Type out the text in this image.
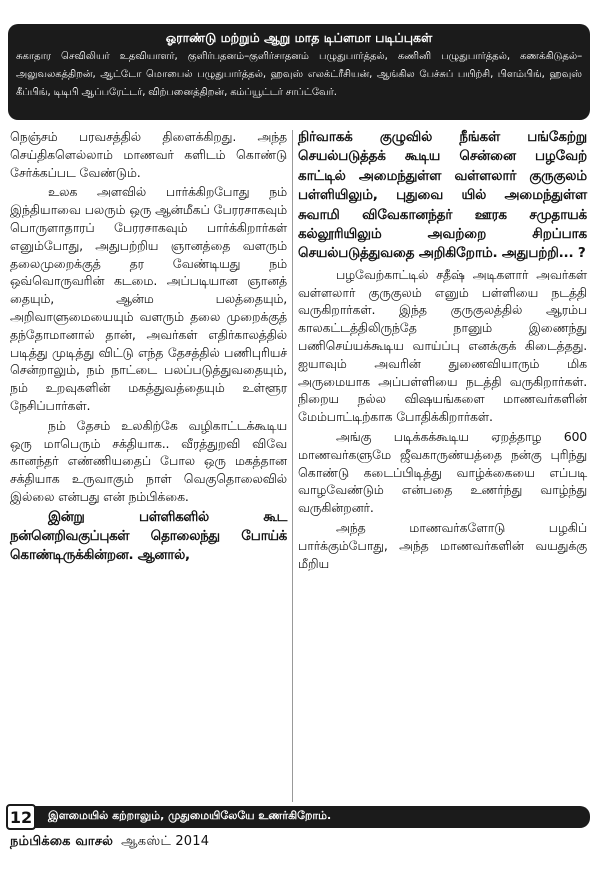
ஓராண்டு மற்றும் ஆறு மாத டிப்ளமா படிப்புகள்
சுகாதார செவிலியர் உதவியாளர், குளிர்பதனம்–குளிர்சாதனம் பழுதுபார்த்தல், கணினி பழுதுபார்த்தல், கணக்கிடுதல்–அலுவலகத்திறன், ஆட்டோ மொபைல் பழுதுபார்த்தல், ஹவுஸ் எலக்ட்ரீசியன், ஆங்கில பேச்சுப் பயிற்சி, பிளம்பிங், ஹவுஸ் கீப்பிங், டிடிபி ஆப்பரேட்டர், விற்பனைத்திறன், கம்ப்யூட்டர் சாப்ட்வேர்.

நெஞ்சம் பரவசத்தில் திளைக்கிறது. அந்த செய்திகளெல்லாம் மாணவர் களிடம் கொண்டு சேர்க்கப்பட வேண்டும்.

உலக அளவில் பார்க்கிறபோது நம் இந்தியாவை பலரும் ஒரு ஆன்மீகப் பேரரசாகவும் பொருளாதாரப் பேரரசாகவும் பார்க்கிறார்கள் எனும்போது, அதுபற்றிய ஞானத்தை வளரும் தலைமுறைக்குத் தர வேண்டியது நம் ஒவ்வொருவரின் கடமை. அப்படியான ஞானத் தையும், ஆன்ம பலத்தையும், அறிவாளுமையையும் வளரும் தலை முறைக்குத் தந்தோமானால் தான், அவர்கள் எதிர்காலத்தில் படித்து முடித்து விட்டு எந்த தேசத்தில் பணிபுரியச் சென்றாலும், நம் நாட்டை பலப்படுத்துவதையும், நம் உறவுகளின் மகத்துவத்தையும் உள்ளூர நேசிப்பார்கள்.

நம் தேசம் உலகிற்கே வழிகாட்டக்கூடிய ஒரு மாபெரும் சக்தியாக.. வீரத்துறவி விவே கானந்தர் எண்ணியதைப் போல ஒரு மகத்தான சக்தியாக உருவாகும் நாள் வெகுதொலைவில் இல்லை என்பது என் நம்பிக்கை.

இன்று பள்ளிகளில் கூட நன்னெறிவகுப்புகள் தொலைந்து போய்க் கொண்டிருக்கின்றன. ஆனால்,

நிர்வாகக் குழுவில் நீங்கள் பங்கேற்று செயல்படுத்தக் கூடிய சென்னை பழவேற் காட்டில் அமைந்துள்ள வள்ளலார் குருகுலம் பள்ளியிலும், புதுவை யில் அமைந்துள்ள சுவாமி விவேகானந்தர் ஊரக சமுதாயக் கல்லூரியிலும் அவற்றை சிறப்பாக செயல்படுத்துவதை அறிகிறோம். அதுபற்றி... ?

பழவேற்காட்டில் சதீஷ் அடிகளார் அவர்கள் வள்ளலார் குருகுலம் எனும் பள்ளியை நடத்தி வருகிறார்கள். இந்த குருகுலத்தில் ஆரம்ப காலகட்டத்திலிருந்தே நானும் இணைந்து பணிசெய்யக்கூடிய வாய்ப்பு எனக்குக் கிடைத்தது. ஐயாவும் அவரின் துணைவியாரும் மிக அருமையாக அப்பள்ளியை நடத்தி வருகிறார்கள். நிறைய நல்ல விஷயங்களை மாணவர்களின் மேம்பாட்டிற்காக போதிக்கிறார்கள்.

அங்கு படிக்கக்கூடிய ஏறத்தாழ 600 மாணவர்களுமே ஜீவகாருண்யத்தை நன்கு புரிந்து கொண்டு கடைப்பிடித்து வாழ்க்கையை எப்படி வாழவேண்டும் என்பதை உணர்ந்து வாழ்ந்து வருகின்றனர்.

அந்த மாணவர்களோடு பழகிப் பார்க்கும்போது, அந்த மாணவர்களின் வயதுக்கு மீறிய

12	இளமையில் கற்றாலும், முதுமையிலேயே உணர்கிறோம்.
நம்பிக்கை வாசல் ஆகஸ்ட் 2014
